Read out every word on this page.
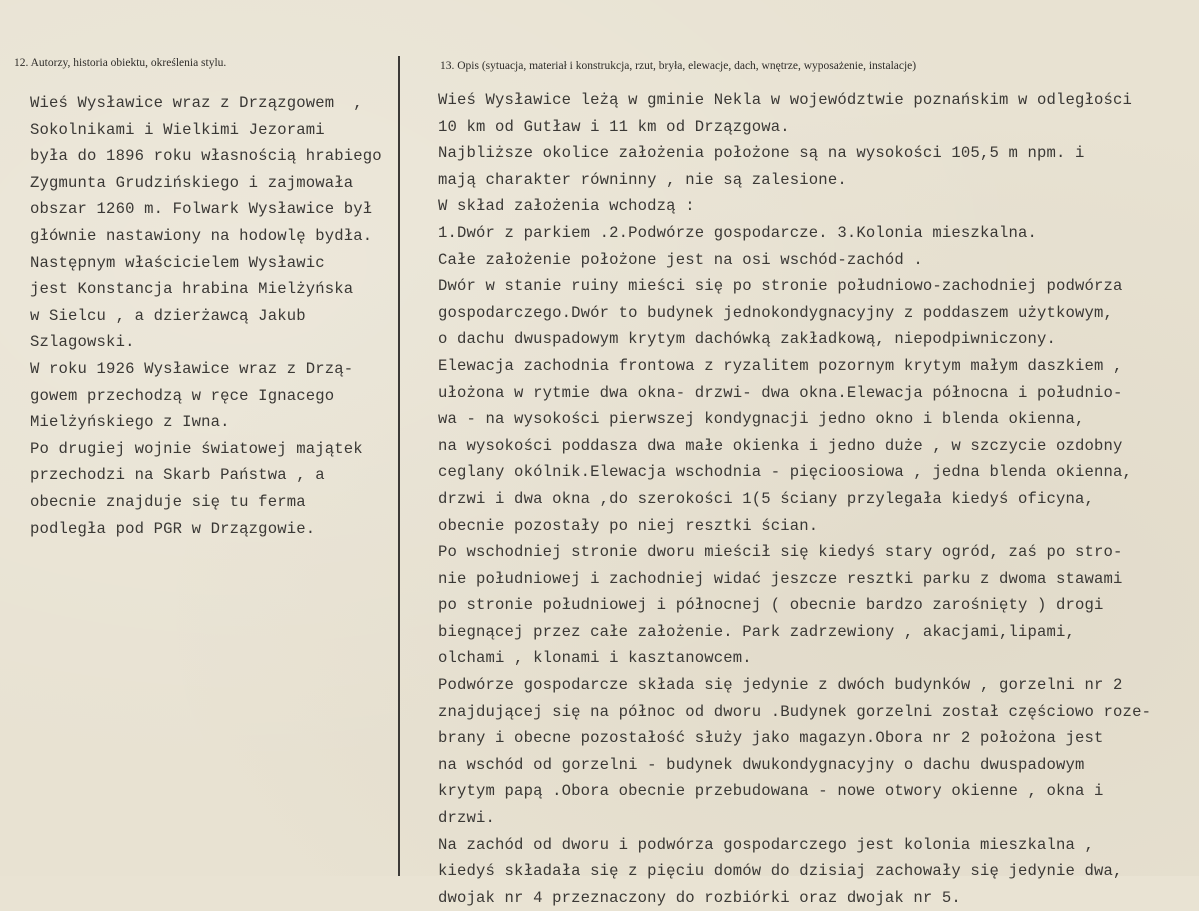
12. Autorzy, historia obiektu, określenia stylu.	13. Opis (sytuacja, materiał i konstrukcja, rzut, bryła, elewacje, dach, wnętrze, wyposażenie, instalacje)
Wieś Wysławice wraz z Drzązgowem  ,
Sokolnikami i Wielkimi Jezorami
była do 1896 roku własnością hrabiego
Zygmunta Grudzińskiego i zajmowała
obszar 1260 m. Folwark Wysławice był
głównie nastawiony na hodowlę bydła.
Następnym właścicielem Wysławic
jest Konstancja hrabina Mielżyńska
w Sielcu , a dzierżawcą Jakub
Szlagowski.
W roku 1926 Wysławice wraz z Drzą-
gowem przechodzą w ręce Ignacego
Mielżyńskiego z Iwna.
Po drugiej wojnie światowej majątek
przechodzi na Skarb Państwa , a
obecnie znajduje się tu ferma
podległa pod PGR w Drzązgowie.
Wieś Wysławice leżą w gminie Nekla w województwie poznańskim w odległości
10 km od Gutław i 11 km od Drzązgowa.
Najbliższe okolice założenia położone są na wysokości 105,5 m npm. i
mają charakter równinny , nie są zalesione.
W skład założenia wchodzą :
1.Dwór z parkiem .2.Podwórze gospodarcze. 3.Kolonia mieszkalna.
Całe założenie położone jest na osi wschód-zachód .
Dwór w stanie ruiny mieści się po stronie południowo-zachodniej podwórza
gospodarczego.Dwór to budynek jednokondygnacyjny z poddaszem użytkowym,
o dachu dwuspadowym krytym dachówką zakładkową, niepodpiwniczony.
Elewacja zachodnia frontowa z ryzalitem pozornym krytym małym daszkiem ,
ułożona w rytmie dwa okna- drzwi- dwa okna.Elewacja północna i południo-
wa - na wysokości pierwszej kondygnacji jedno okno i blenda okienna,
na wysokości poddasza dwa małe okienka i jedno duże , w szczycie ozdobny
ceglany okólnik.Elewacja wschodnia - pięcioosiowa , jedna blenda okienna,
drzwi i dwa okna ,do szerokości 1(5 ściany przylegała kiedyś oficyna,
obecnie pozostały po niej resztki ścian.
Po wschodniej stronie dworu mieścił się kiedyś stary ogród, zaś po stro-
nie południowej i zachodniej widać jeszcze resztki parku z dwoma stawami
po stronie południowej i północnej ( obecnie bardzo zarośnięty ) drogi
biegnącej przez całe założenie. Park zadrzewiony , akacjami,lipami,
olchami , klonami i kasztanowcem.
Podwórze gospodarcze składa się jedynie z dwóch budynków , gorzelni nr 2
znajdującej się na północ od dworu .Budynek gorzelni został częściowo roze-
brany i obecne pozostałość służy jako magazyn.Obora nr 2 położona jest
na wschód od gorzelni - budynek dwukondygnacyjny o dachu dwuspadowym
krytym papą .Obora obecnie przebudowana - nowe otwory okienne , okna i
drzwi.
Na zachód od dworu i podwórza gospodarczego jest kolonia mieszkalna ,
kiedyś składała się z pięciu domów do dzisiaj zachowały się jedynie dwa,
dwojak nr 4 przeznaczony do rozbiórki oraz dwojak nr 5.
